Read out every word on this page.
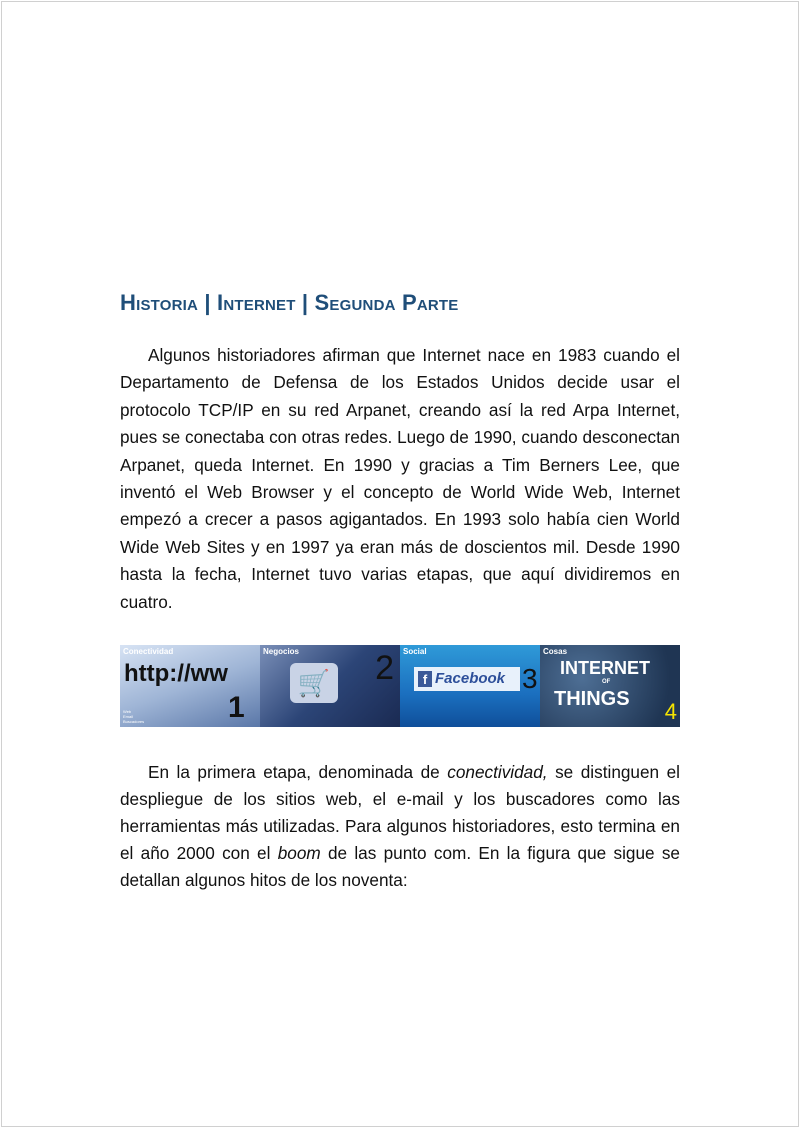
Historia | Internet | Segunda Parte

Algunos historiadores afirman que Internet nace en 1983 cuando el Departamento de Defensa de los Estados Unidos decide usar el protocolo TCP/IP en su red Arpanet, creando así la red Arpa Internet, pues se conectaba con otras redes. Luego de 1990, cuando desconectan Arpanet, queda Internet. En 1990 y gracias a Tim Berners Lee, que inventó el Web Browser y el concepto de World Wide Web, Internet empezó a crecer a pasos agigantados. En 1993 solo había cien World Wide Web Sites y en 1997 ya eran más de doscientos mil. Desde 1990 hasta la fecha, Internet tuvo varias etapas, que aquí dividiremos en cuatro.

Conectividad
http://ww
1
Web
Email
Buscadores
Negocios
🛒 2 Social
f Facebook 3
Cosas
INTERNET
OF
THINGS 4

En la primera etapa, denominada de conectividad, se distinguen el despliegue de los sitios web, el e-mail y los buscadores como las herramientas más utilizadas. Para algunos historiadores, esto termina en el año 2000 con el boom de las punto com. En la figura que sigue se detallan algunos hitos de los noventa:
